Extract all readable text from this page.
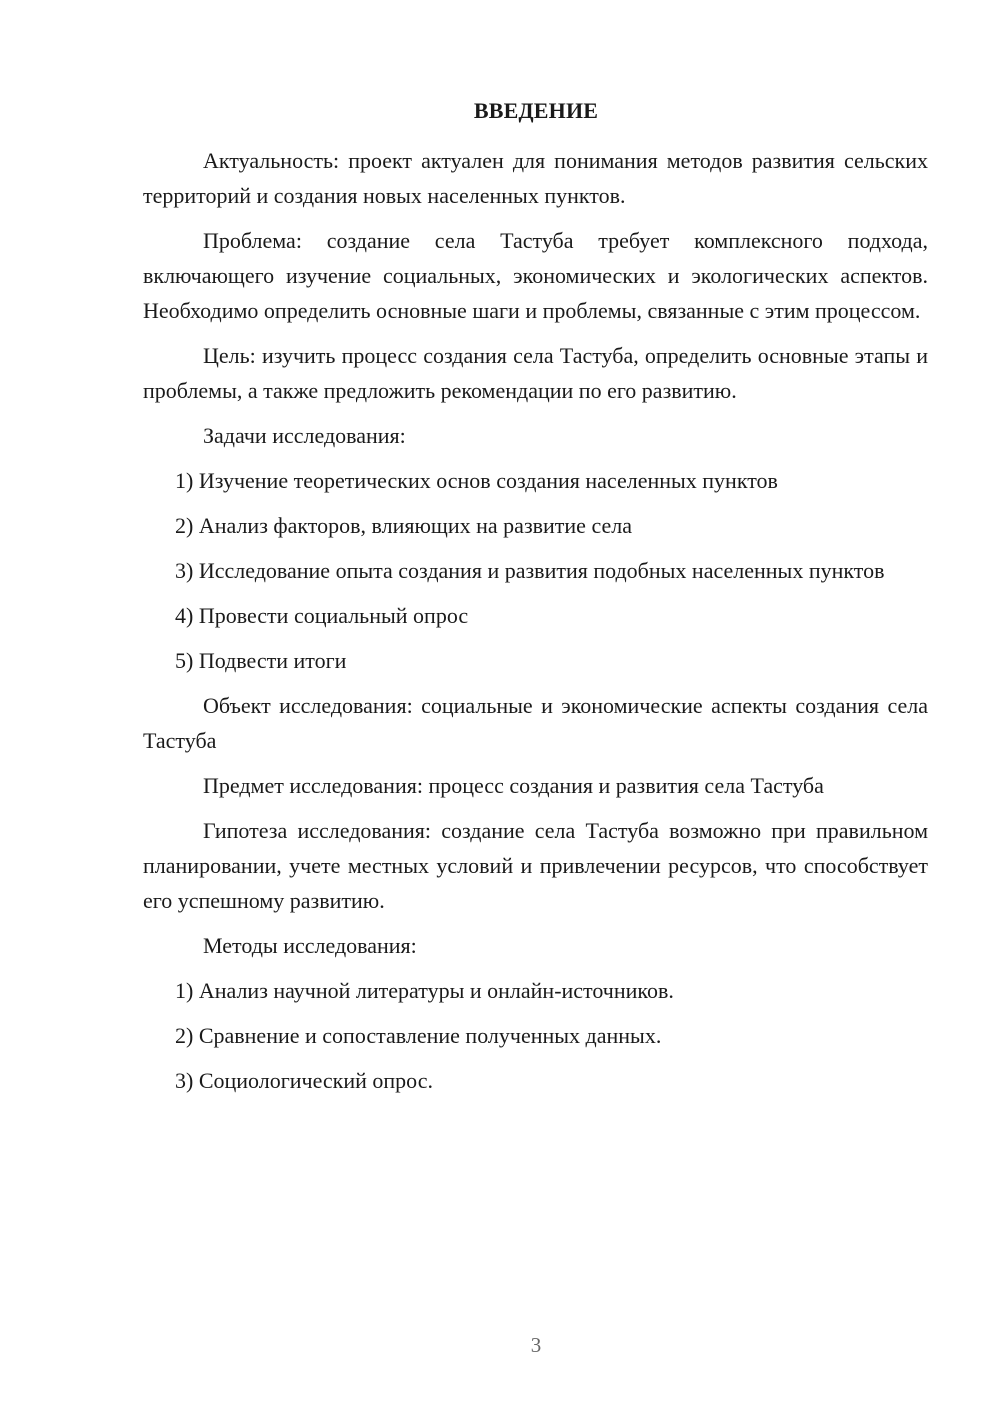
ВВЕДЕНИЕ

Актуальность: проект актуален для понимания методов развития сельских территорий и создания новых населенных пунктов.

Проблема: создание села Тастуба требует комплексного подхода, включающего изучение социальных, экономических и экологических аспектов. Необходимо определить основные шаги и проблемы, связанные с этим процессом.

Цель: изучить процесс создания села Тастуба, определить основные этапы и проблемы, а также предложить рекомендации по его развитию.

Задачи исследования:

1) Изучение теоретических основ создания населенных пунктов

2) Анализ факторов, влияющих на развитие села

3) Исследование опыта создания и развития подобных населенных пунктов

4) Провести социальный опрос

5) Подвести итоги

Объект исследования: социальные и экономические аспекты создания села Тастуба

Предмет исследования: процесс создания и развития села Тастуба

Гипотеза исследования: создание села Тастуба возможно при правильном планировании, учете местных условий и привлечении ресурсов, что способствует его успешному развитию.

Методы исследования:

1) Анализ научной литературы и онлайн-источников.

2) Сравнение и сопоставление полученных данных.

3) Социологический опрос.

3
